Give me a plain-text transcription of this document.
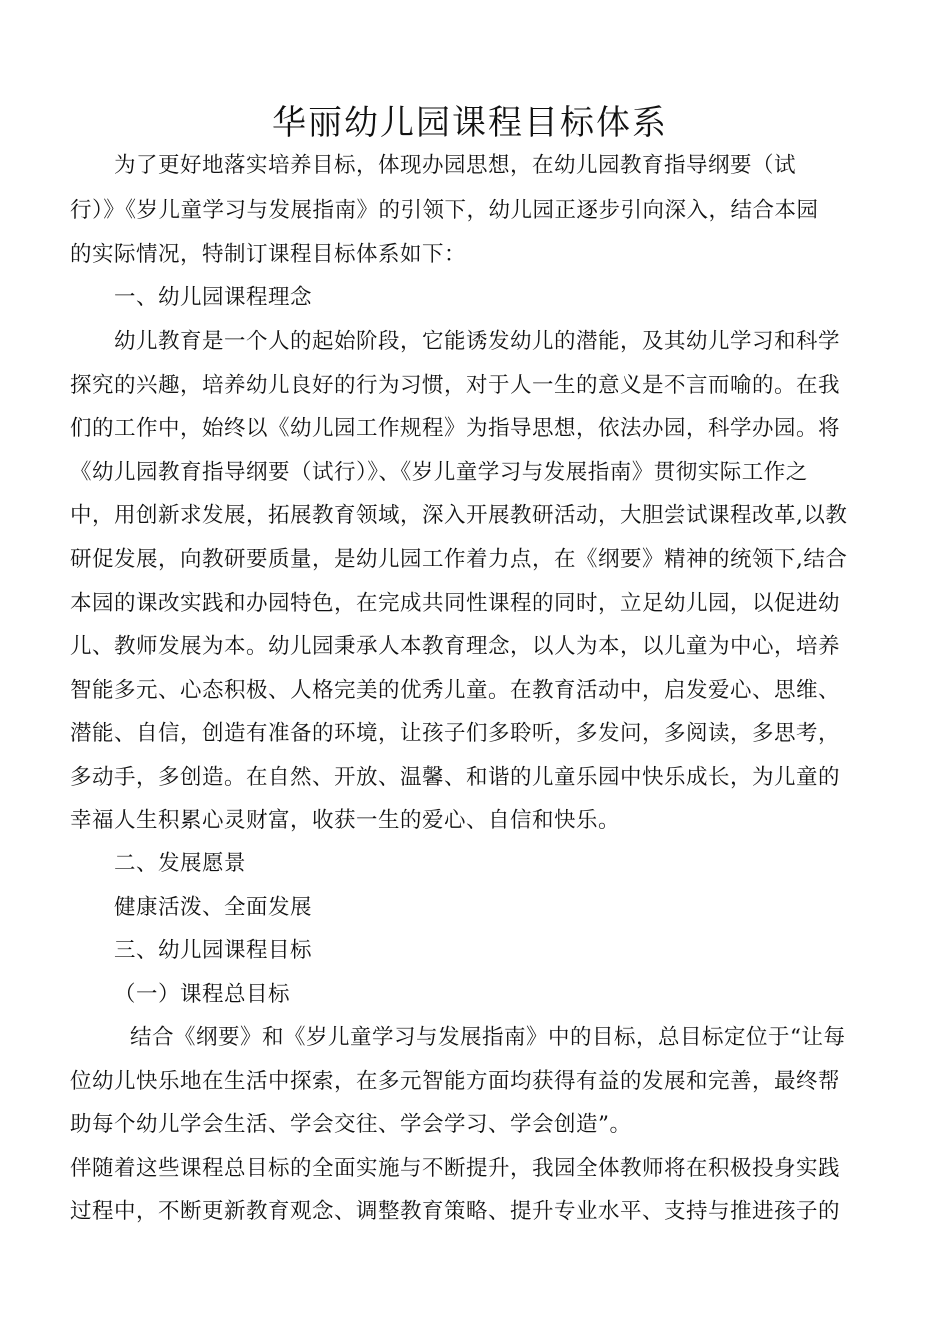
华丽幼儿园课程目标体系

为了更好地落实培养目标，体现办园思想，在幼儿园教育指导纲要（试

行）》《岁儿童学习与发展指南》的引领下，幼儿园正逐步引向深入，结合本园

的实际情况，特制订课程目标体系如下：

一、幼儿园课程理念

幼儿教育是一个人的起始阶段，它能诱发幼儿的潜能，及其幼儿学习和科学

探究的兴趣，培养幼儿良好的行为习惯，对于人一生的意义是不言而喻的。在我

们的工作中，始终以《幼儿园工作规程》为指导思想，依法办园，科学办园。将

《幼儿园教育指导纲要（试行）》、《岁儿童学习与发展指南》贯彻实际工作之

中，用创新求发展，拓展教育领域，深入开展教研活动，大胆尝试课程改革,以教

研促发展，向教研要质量，是幼儿园工作着力点，在《纲要》精神的统领下,结合

本园的课改实践和办园特色，在完成共同性课程的同时，立足幼儿园，以促进幼

儿、教师发展为本。幼儿园秉承人本教育理念，以人为本，以儿童为中心，培养

智能多元、心态积极、人格完美的优秀儿童。在教育活动中，启发爱心、思维、

潜能、自信，创造有准备的环境，让孩子们多聆听，多发问，多阅读，多思考，

多动手，多创造。在自然、开放、温馨、和谐的儿童乐园中快乐成长，为儿童的

幸福人生积累心灵财富，收获一生的爱心、自信和快乐。

二、发展愿景

健康活泼、全面发展

三、幼儿园课程目标

（一）课程总目标

结合《纲要》和《岁儿童学习与发展指南》中的目标，总目标定位于“让每

位幼儿快乐地在生活中探索，在多元智能方面均获得有益的发展和完善，最终帮

助每个幼儿学会生活、学会交往、学会学习、学会创造”。

伴随着这些课程总目标的全面实施与不断提升，我园全体教师将在积极投身实践

过程中，不断更新教育观念、调整教育策略、提升专业水平、支持与推进孩子的
